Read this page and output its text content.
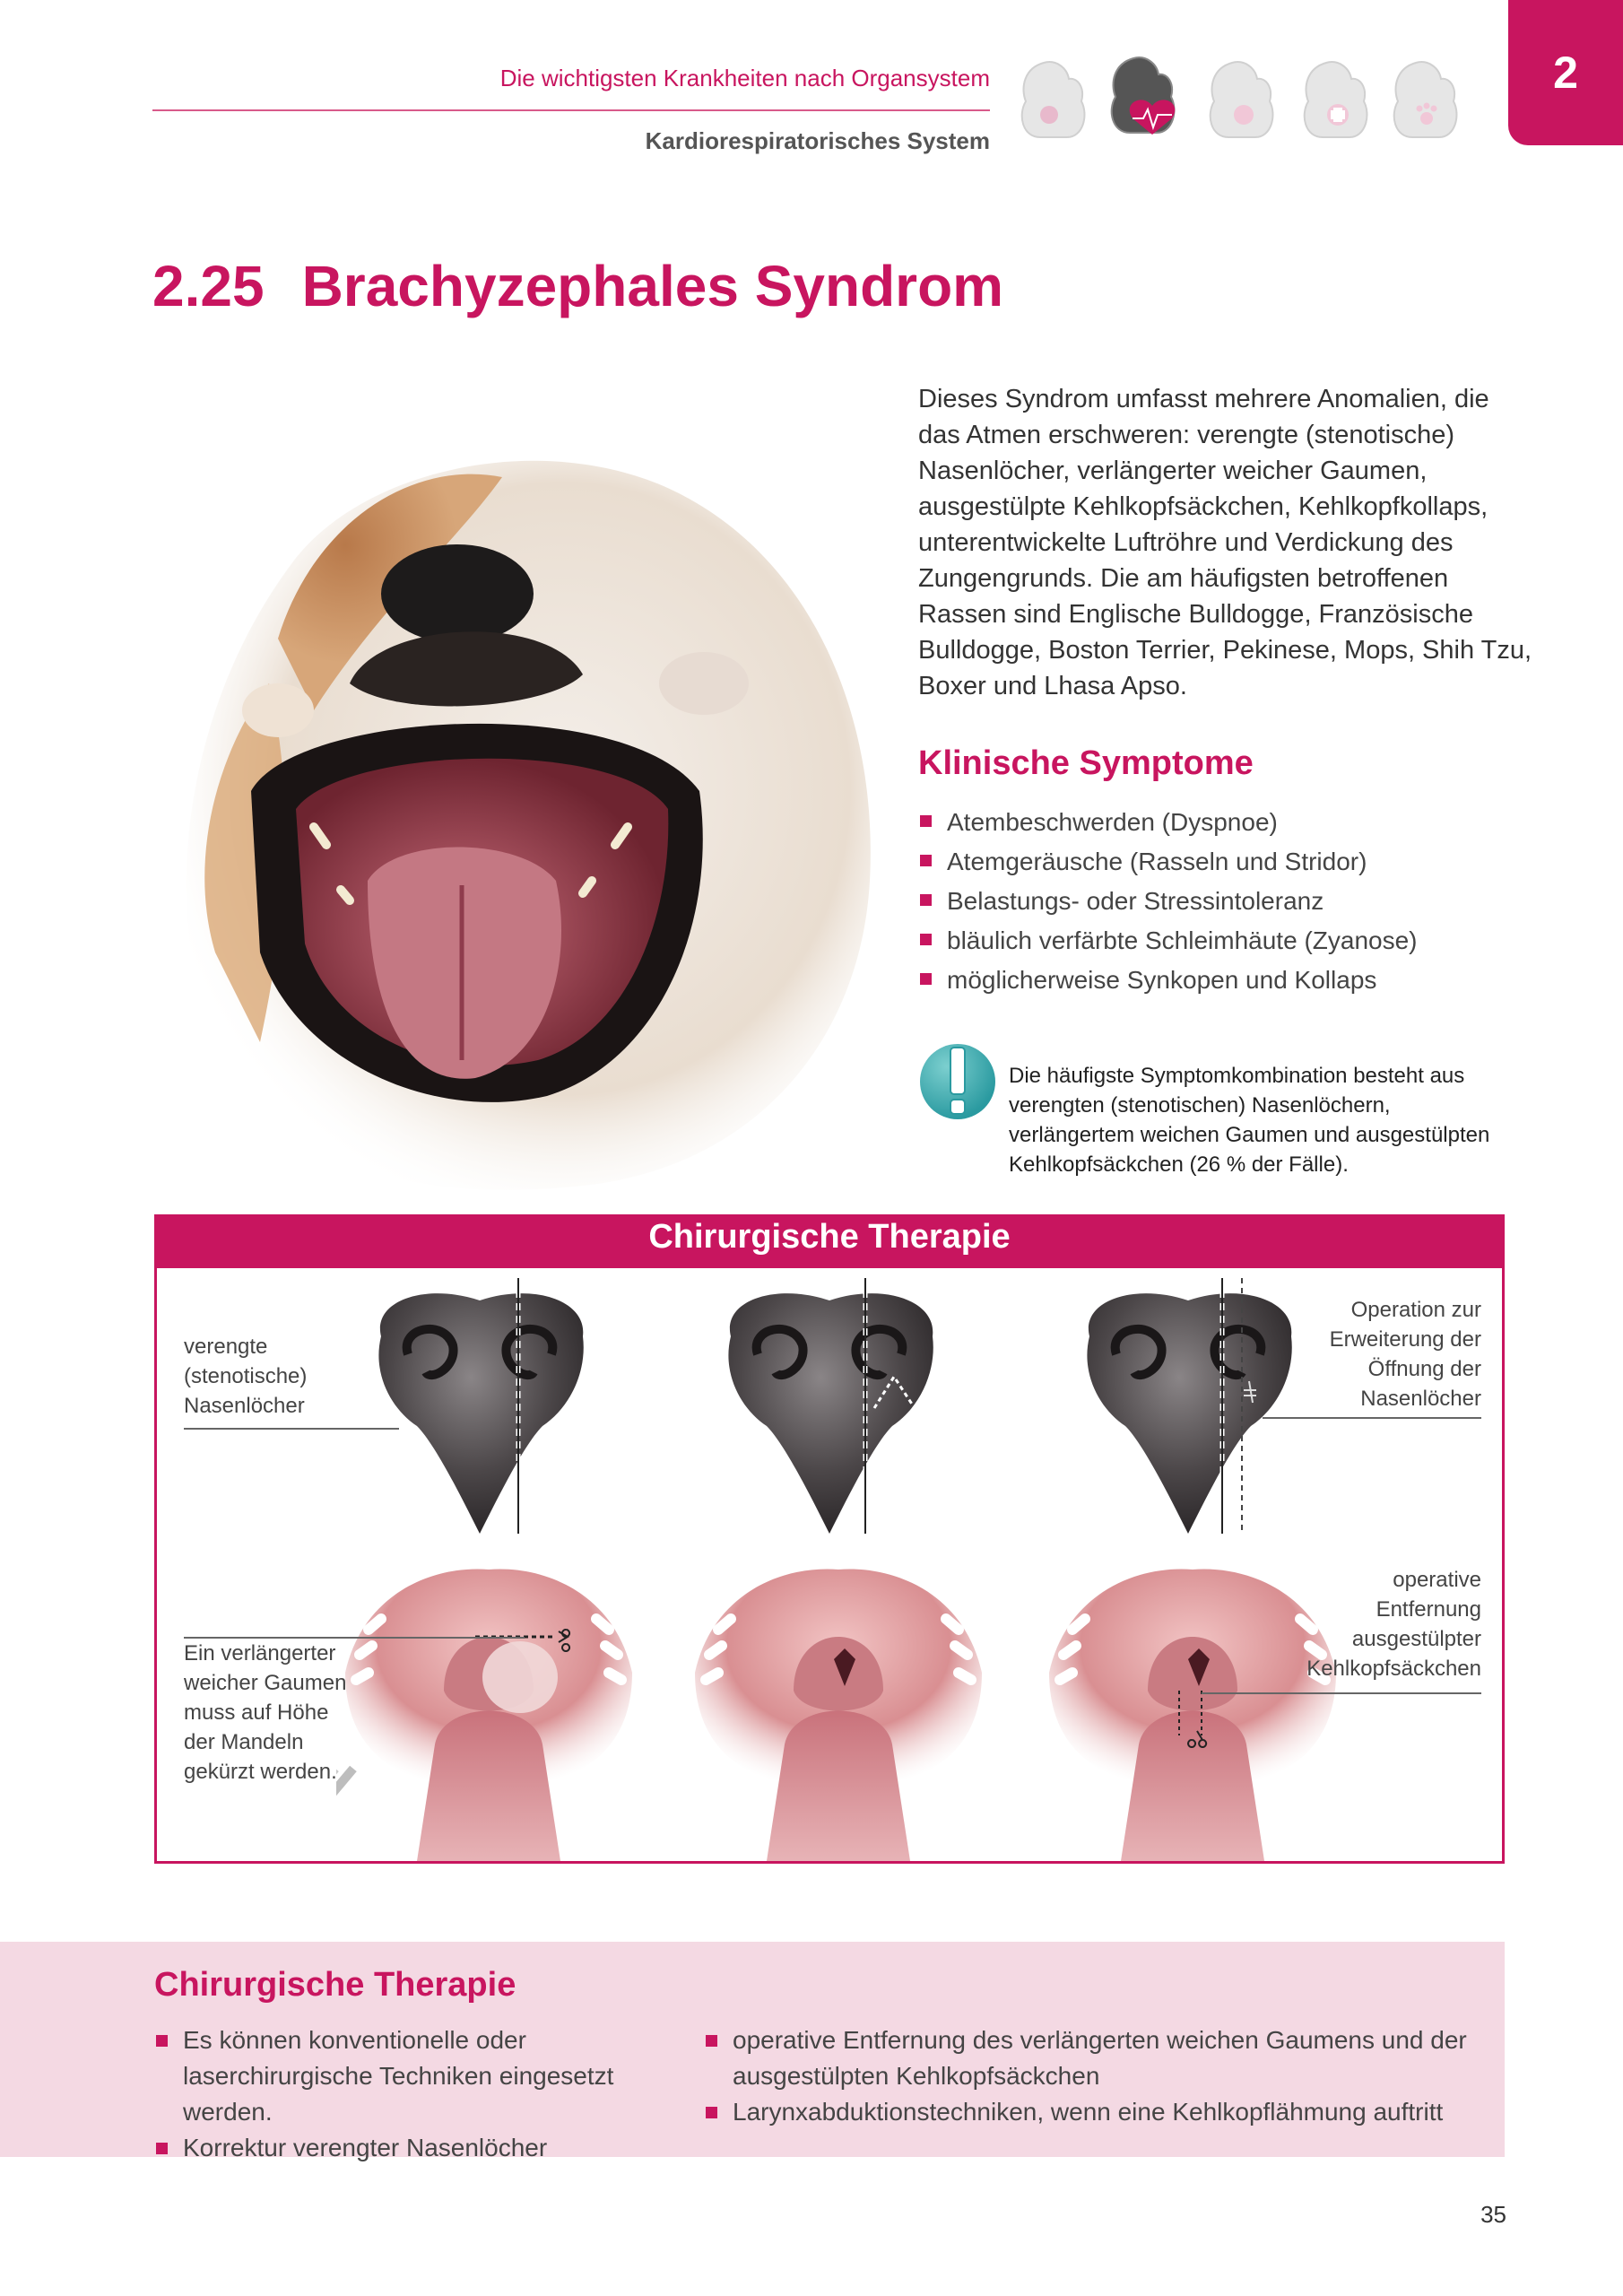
Die wichtigsten Krankheiten nach Organsystem
Kardiorespiratorisches System
2
2.25 Brachyzephales Syndrom
Dieses Syndrom umfasst mehrere Anomalien, die das Atmen erschweren: verengte (stenotische) Nasenlöcher, verlängerter weicher Gaumen, ausgestülpte Kehlkopfsäckchen, Kehlkopfkollaps, unterentwickelte Luftröhre und Verdickung des Zungengrunds. Die am häufigsten betroffenen Rassen sind Englische Bulldogge, Französische Bulldogge, Boston Terrier, Pekinese, Mops, Shih Tzu, Boxer und Lhasa Apso.
Klinische Symptome
Atembeschwerden (Dyspnoe)
Atemgeräusche (Rasseln und Stridor)
Belastungs- oder Stressintoleranz
bläulich verfärbte Schleimhäute (Zyanose)
möglicherweise Synkopen und Kollaps
Die häufigste Symptomkombination besteht aus verengten (stenotischen) Nasenlöchern, verlängertem weichen Gaumen und ausgestülpten Kehlkopfsäckchen (26 % der Fälle).
Chirurgische Therapie
verengte (stenotische) Nasenlöcher
Operation zur Erweiterung der Öffnung der Nasenlöcher
Ein verlängerter weicher Gaumen muss auf Höhe der Mandeln gekürzt werden.
operative Entfernung ausgestülpter Kehlkopfsäckchen
Chirurgische Therapie
Es können konventionelle oder laserchirurgische Techniken eingesetzt werden.
Korrektur verengter Nasenlöcher
operative Entfernung des verlängerten weichen Gaumens und der ausgestülpten Kehlkopfsäckchen
Larynxabduktionstechniken, wenn eine Kehlkopflähmung auftritt
35
